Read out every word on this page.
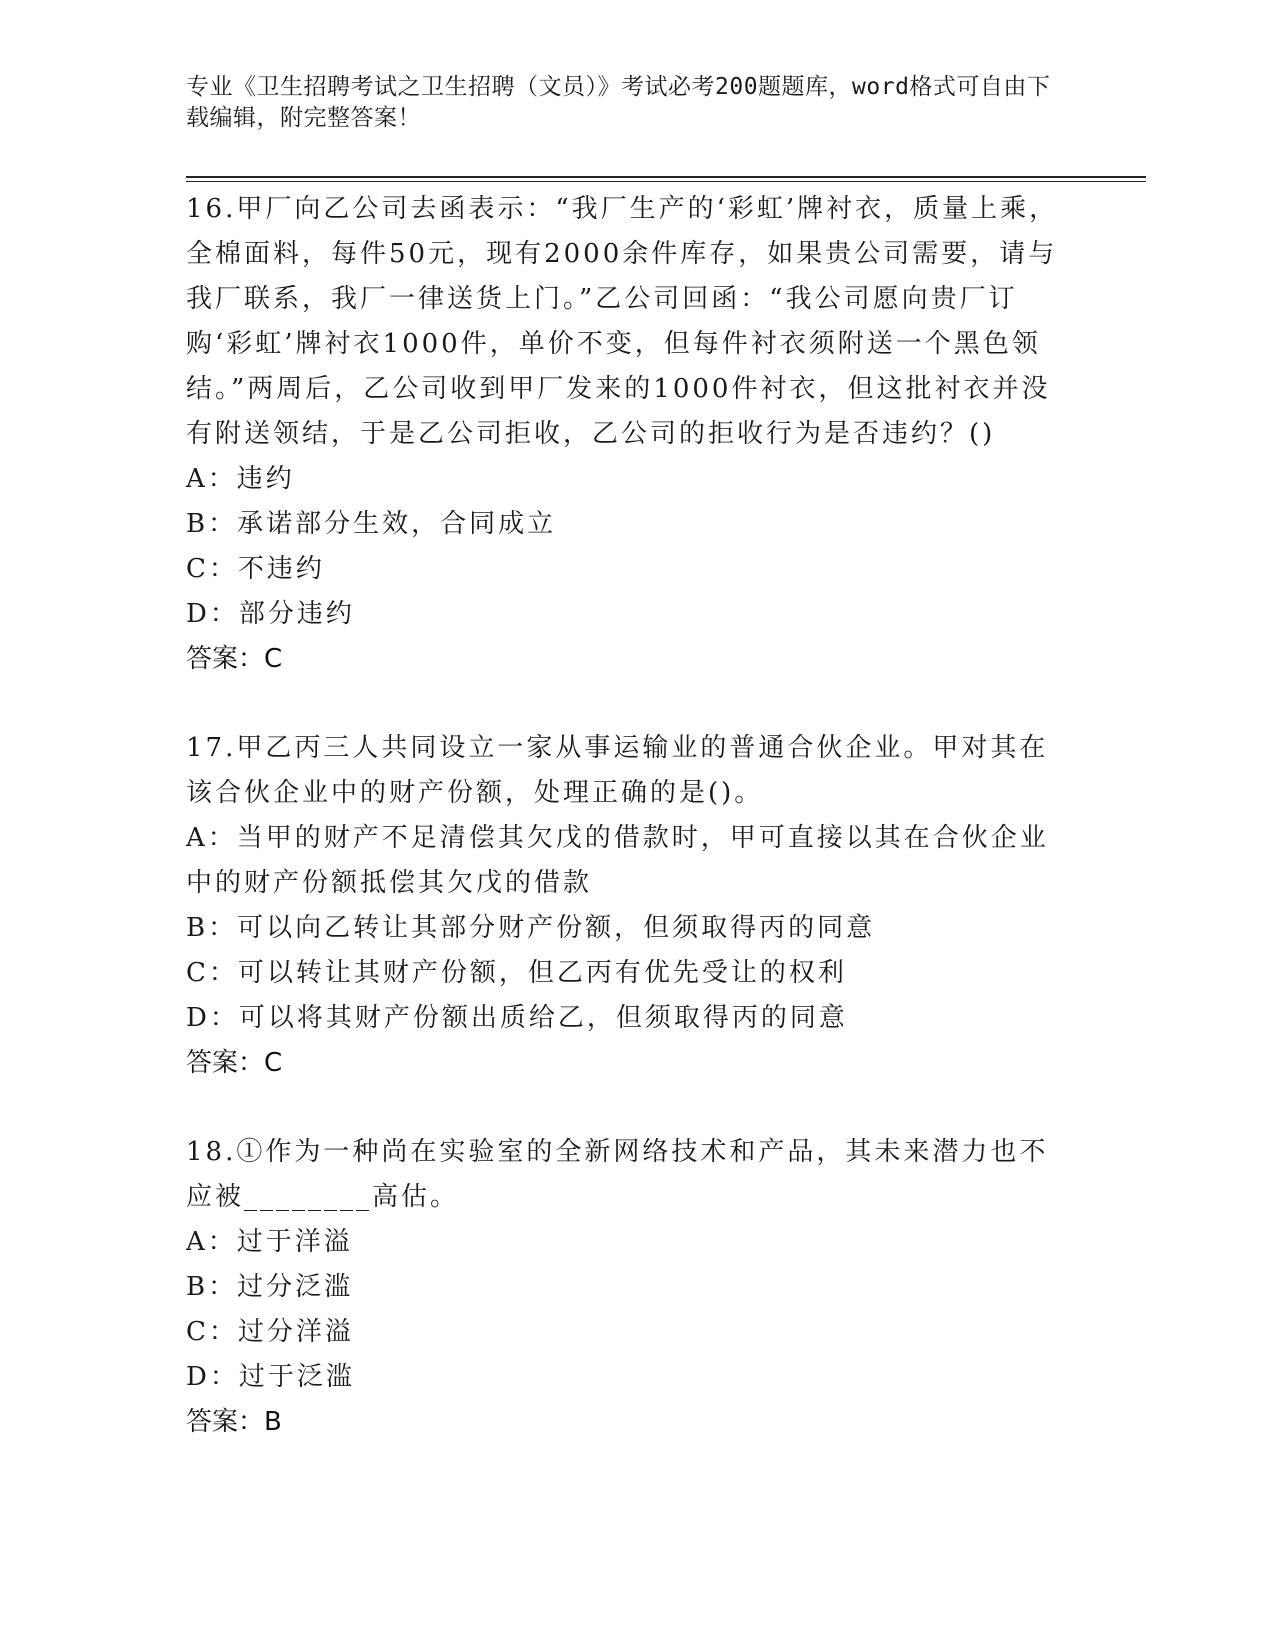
专业《卫生招聘考试之卫生招聘（文员）》考试必考200题题库，word格式可自由下载编辑，附完整答案！

16.甲厂向乙公司去函表示：“我厂生产的‘彩虹’牌衬衣，质量上乘，全棉面料，每件50元，现有2000余件库存，如果贵公司需要，请与我厂联系，我厂一律送货上门。”乙公司回函：“我公司愿向贵厂订购‘彩虹’牌衬衣1000件，单价不变，但每件衬衣须附送一个黑色领结。”两周后，乙公司收到甲厂发来的1000件衬衣，但这批衬衣并没有附送领结，于是乙公司拒收，乙公司的拒收行为是否违约？()

A：违约

B：承诺部分生效，合同成立

C：不违约

D：部分违约

答案：C

17.甲乙丙三人共同设立一家从事运输业的普通合伙企业。甲对其在该合伙企业中的财产份额，处理正确的是()。

A：当甲的财产不足清偿其欠戊的借款时，甲可直接以其在合伙企业中的财产份额抵偿其欠戊的借款

B：可以向乙转让其部分财产份额，但须取得丙的同意

C：可以转让其财产份额，但乙丙有优先受让的权利

D：可以将其财产份额出质给乙，但须取得丙的同意

答案：C

18.①作为一种尚在实验室的全新网络技术和产品，其未来潜力也不应被________高估。

A：过于洋溢

B：过分泛滥

C：过分洋溢

D：过于泛滥

答案：B
